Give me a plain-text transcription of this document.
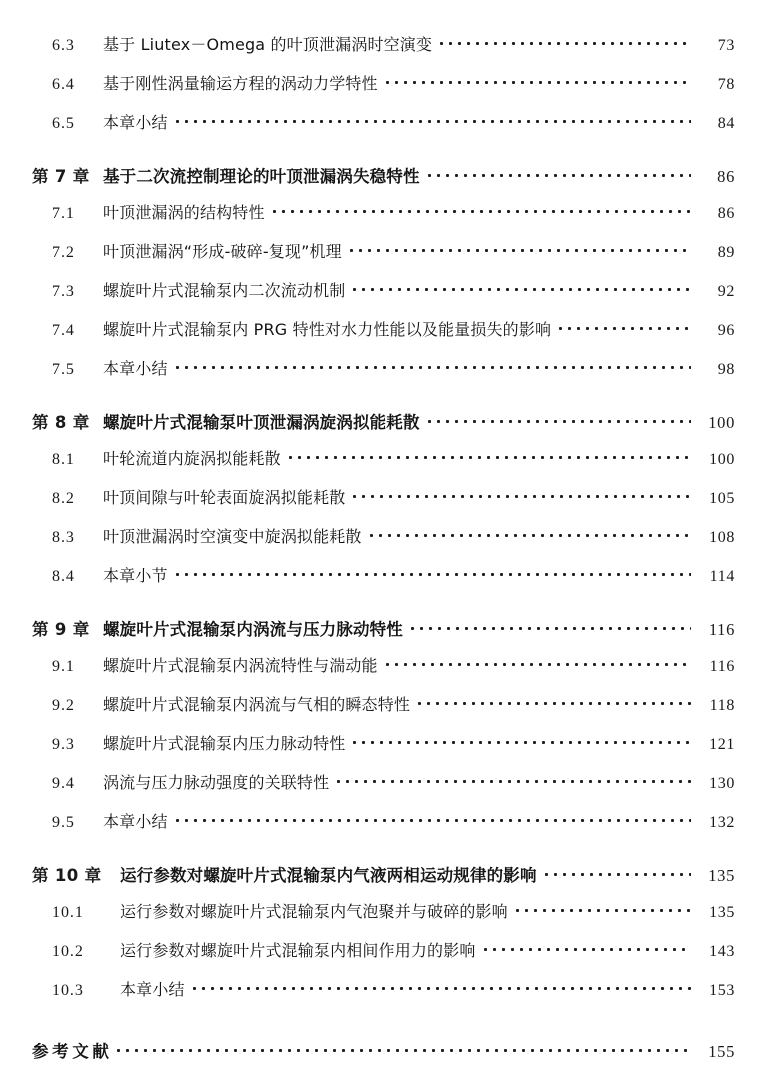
6.3	基于 Liutex－Omega 的叶顶泄漏涡时空演变	73
6.4	基于刚性涡量输运方程的涡动力学特性	78
6.5	本章小结	84
第 7 章 基于二次流控制理论的叶顶泄漏涡失稳特性	86
7.1	叶顶泄漏涡的结构特性	86
7.2	叶顶泄漏涡“形成-破碎-复现”机理	89
7.3	螺旋叶片式混输泵内二次流动机制	92
7.4	螺旋叶片式混输泵内 PRG 特性对水力性能以及能量损失的影响	96
7.5	本章小结	98
第 8 章 螺旋叶片式混输泵叶顶泄漏涡旋涡拟能耗散	100
8.1	叶轮流道内旋涡拟能耗散	100
8.2	叶顶间隙与叶轮表面旋涡拟能耗散	105
8.3	叶顶泄漏涡时空演变中旋涡拟能耗散	108
8.4	本章小节	114
第 9 章 螺旋叶片式混输泵内涡流与压力脉动特性	116
9.1	螺旋叶片式混输泵内涡流特性与湍动能	116
9.2	螺旋叶片式混输泵内涡流与气相的瞬态特性	118
9.3	螺旋叶片式混输泵内压力脉动特性	121
9.4	涡流与压力脉动强度的关联特性	130
9.5	本章小结	132
第 10 章	运行参数对螺旋叶片式混输泵内气液两相运动规律的影响	135
10.1	运行参数对螺旋叶片式混输泵内气泡聚并与破碎的影响	135
10.2	运行参数对螺旋叶片式混输泵内相间作用力的影响	143
10.3	本章小结	153
参考文献	155
